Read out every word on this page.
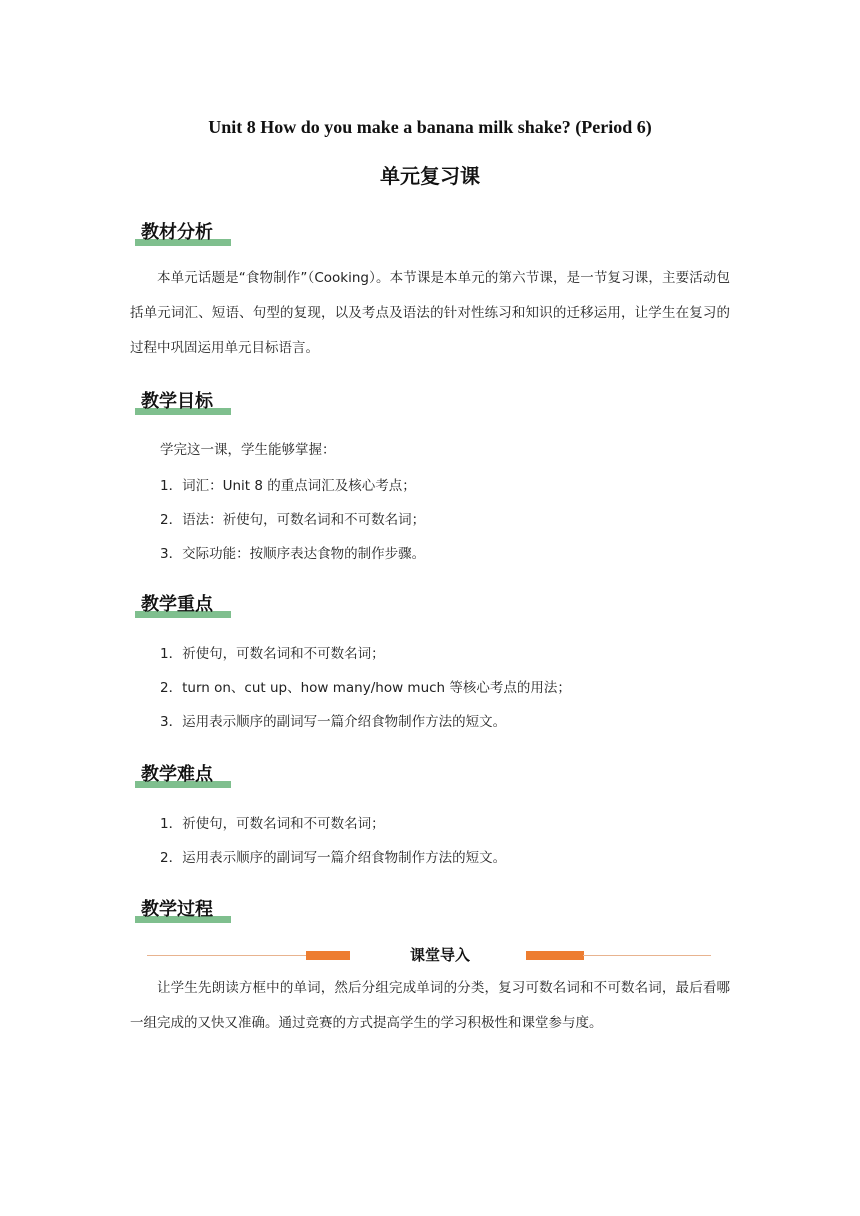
Unit 8 How do you make a banana milk shake? (Period 6)
单元复习课
教材分析
本单元话题是“食物制作”（Cooking）。本节课是本单元的第六节课，是一节复习课，主要活动包括单元词汇、短语、句型的复现，以及考点及语法的针对性练习和知识的迁移运用，让学生在复习的过程中巩固运用单元目标语言。
教学目标
学完这一课，学生能够掌握：
1．词汇：Unit 8 的重点词汇及核心考点；
2．语法：祈使句，可数名词和不可数名词；
3．交际功能：按顺序表达食物的制作步骤。
教学重点
1．祈使句，可数名词和不可数名词；
2．turn on、cut up、how many/how much 等核心考点的用法；
3．运用表示顺序的副词写一篇介绍食物制作方法的短文。
教学难点
1．祈使句，可数名词和不可数名词；
2．运用表示顺序的副词写一篇介绍食物制作方法的短文。
教学过程
课堂导入
让学生先朗读方框中的单词，然后分组完成单词的分类，复习可数名词和不可数名词，最后看哪一组完成的又快又准确。通过竞赛的方式提高学生的学习积极性和课堂参与度。
